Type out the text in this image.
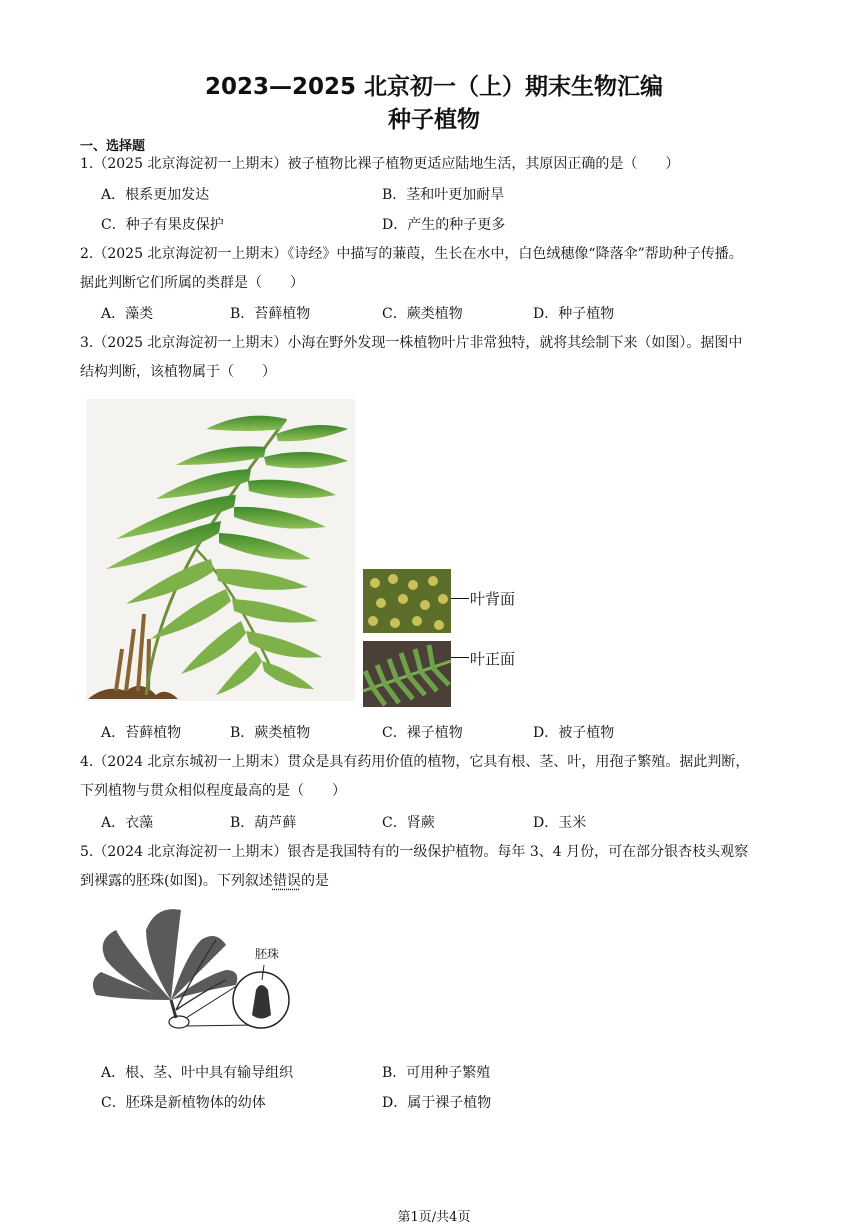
2023—2025 北京初一（上）期末生物汇编
种子植物
一、选择题
1.（2025 北京海淀初一上期末）被子植物比裸子植物更适应陆地生活，其原因正确的是（　　）
A．根系更加发达	B．茎和叶更加耐旱
C．种子有果皮保护	D．产生的种子更多
2.（2025 北京海淀初一上期末）《诗经》中描写的蒹葭，生长在水中，白色绒穗像“降落伞”帮助种子传播。
据此判断它们所属的类群是（　　）
A．藻类	B．苔藓植物	C．蕨类植物	D．种子植物
3.（2025 北京海淀初一上期末）小海在野外发现一株植物叶片非常独特，就将其绘制下来（如图）。据图中
结构判断，该植物属于（　　）
叶背面
叶正面
A．苔藓植物	B．蕨类植物	C．裸子植物	D．被子植物
4.（2024 北京东城初一上期末）贯众是具有药用价值的植物，它具有根、茎、叶，用孢子繁殖。据此判断，
下列植物与贯众相似程度最高的是（　　）
A．衣藻	B．葫芦藓	C．肾蕨	D．玉米
5.（2024 北京海淀初一上期末）银杏是我国特有的一级保护植物。每年 3、4 月份，可在部分银杏枝头观察
到裸露的胚珠(如图)。下列叙述错误的是
胚珠
A．根、茎、叶中具有输导组织	B．可用种子繁殖
C．胚珠是新植物体的幼体	D．属于裸子植物
第1页/共4页
